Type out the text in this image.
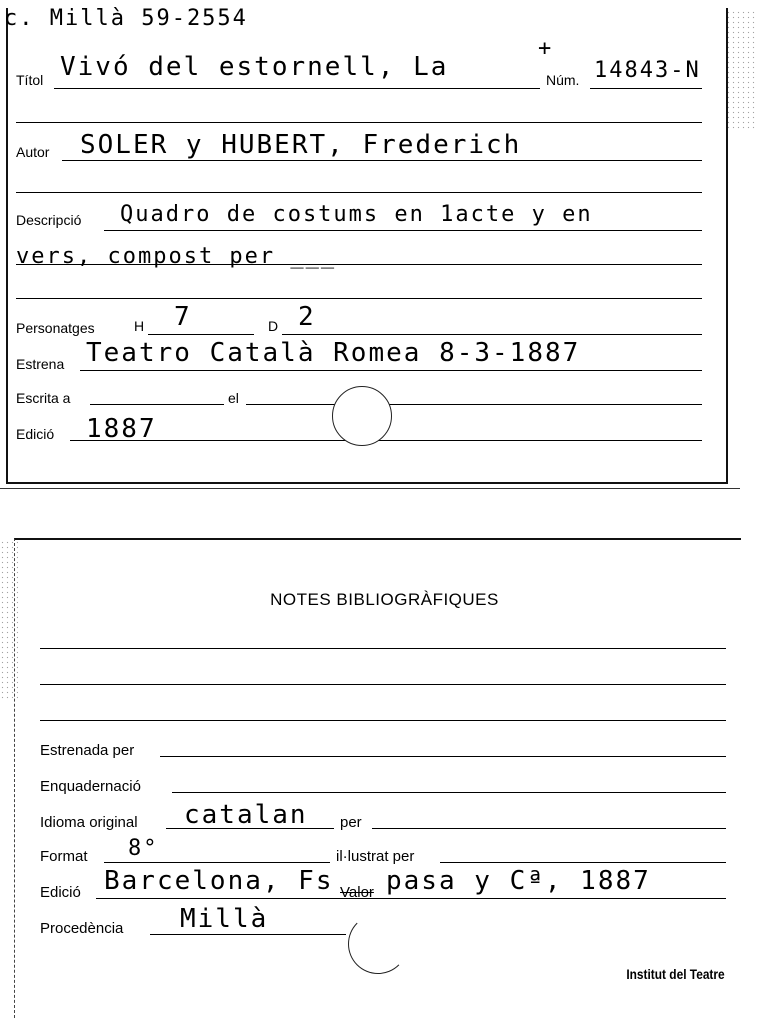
c. Millà 59-2554
Títol Vivó del estornell, La
+
Núm. 14843-N
Autor SOLER y HUBERT, Frederich
Descripció Quadro de costums en 1acte y en
vers, compost per ___
Personatges	H 7	D 2
Estrena Teatro Català Romea 8-3-1887
Escrita a	el
Edició 1887
NOTES BIBLIOGRÀFIQUES
Estrenada per
Enquadernació
Idioma original catalan per
Format 8°	il·lustrat per
Edició Barcelona, Fs Valor pasa y Cª, 1887
Procedència Millà
Institut del Teatre
